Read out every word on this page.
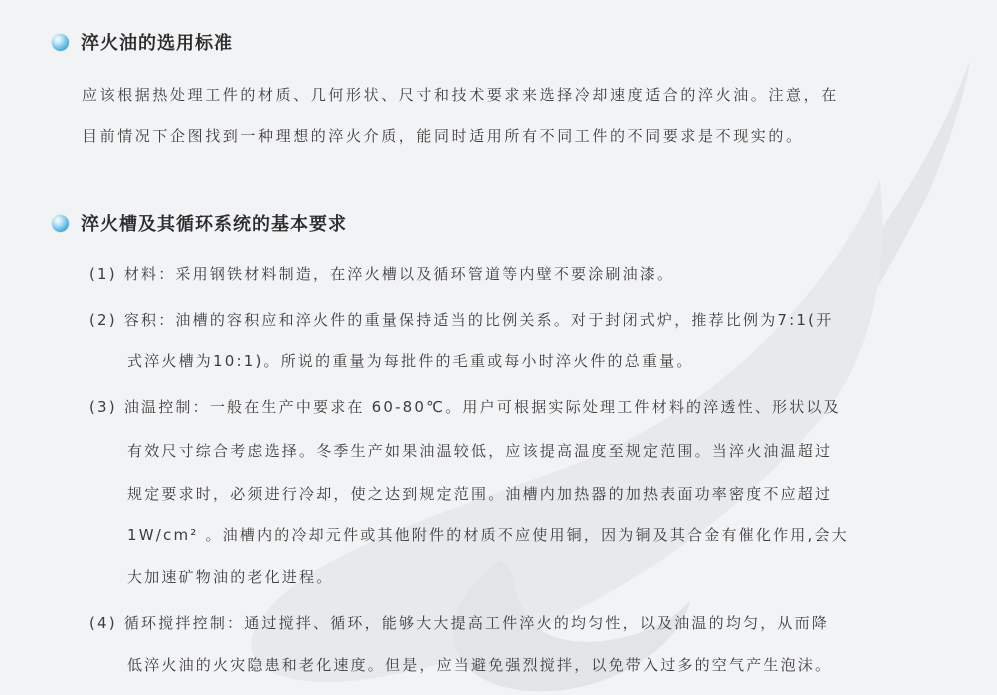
淬火油的选用标准
应该根据热处理工件的材质、几何形状、尺寸和技术要求来选择冷却速度适合的淬火油。注意，在
目前情况下企图找到一种理想的淬火介质，能同时适用所有不同工件的不同要求是不现实的。
淬火槽及其循环系统的基本要求
(1) 材料：采用钢铁材料制造，在淬火槽以及循环管道等内壁不要涂刷油漆。
(2) 容积：油槽的容积应和淬火件的重量保持适当的比例关系。对于封闭式炉，推荐比例为7:1(开
式淬火槽为10:1)。所说的重量为每批件的毛重或每小时淬火件的总重量。
(3) 油温控制：一般在生产中要求在 60-80℃。用户可根据实际处理工件材料的淬透性、形状以及
有效尺寸综合考虑选择。冬季生产如果油温较低，应该提高温度至规定范围。当淬火油温超过
规定要求时，必须进行冷却，使之达到规定范围。油槽内加热器的加热表面功率密度不应超过
1W/cm² 。油槽内的冷却元件或其他附件的材质不应使用铜，因为铜及其合金有催化作用,会大
大加速矿物油的老化进程。
(4) 循环搅拌控制：通过搅拌、循环，能够大大提高工件淬火的均匀性，以及油温的均匀，从而降
低淬火油的火灾隐患和老化速度。但是，应当避免强烈搅拌，以免带入过多的空气产生泡沫。
